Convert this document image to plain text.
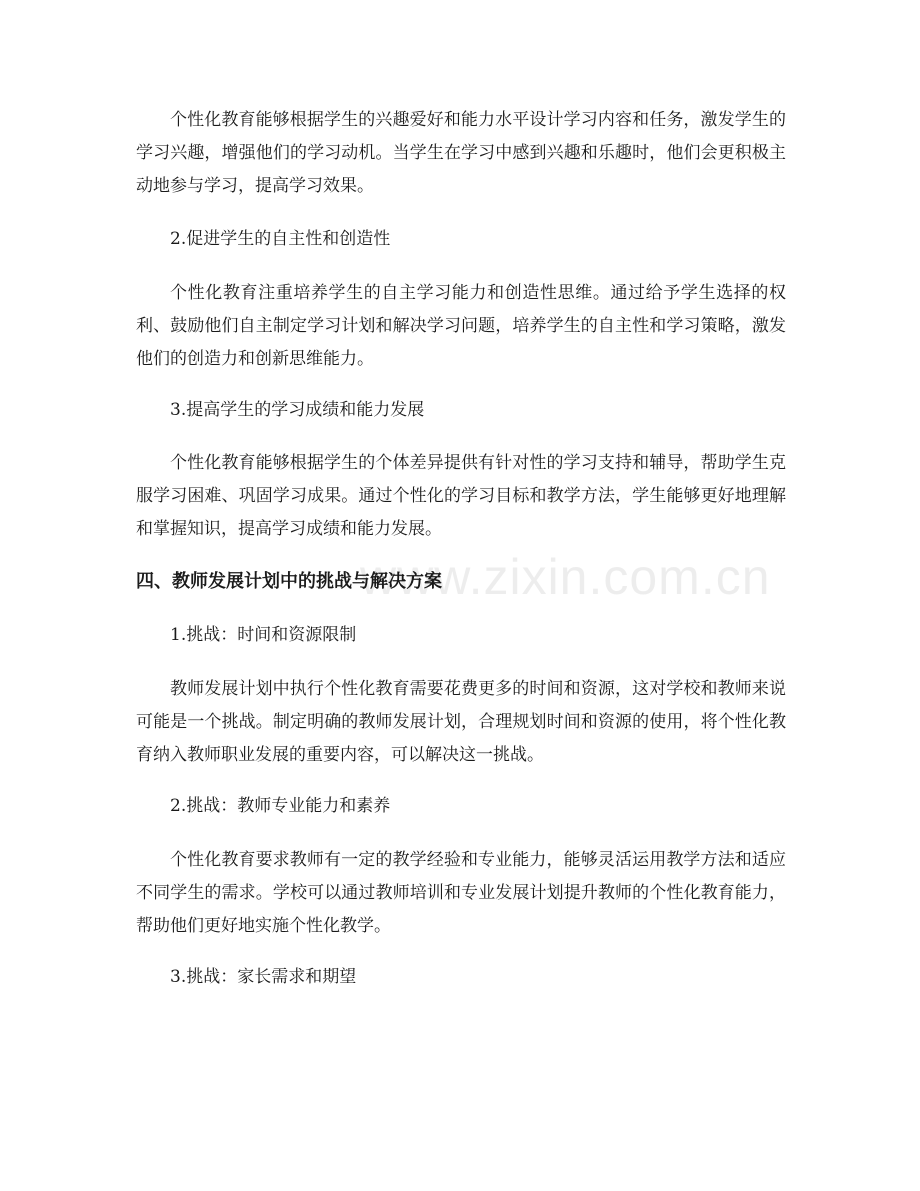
www.zixin.com.cn

个性化教育能够根据学生的兴趣爱好和能力水平设计学习内容和任务，激发学生的学习兴趣，增强他们的学习动机。当学生在学习中感到兴趣和乐趣时，他们会更积极主动地参与学习，提高学习效果。

2.促进学生的自主性和创造性

个性化教育注重培养学生的自主学习能力和创造性思维。通过给予学生选择的权利、鼓励他们自主制定学习计划和解决学习问题，培养学生的自主性和学习策略，激发他们的创造力和创新思维能力。

3.提高学生的学习成绩和能力发展

个性化教育能够根据学生的个体差异提供有针对性的学习支持和辅导，帮助学生克服学习困难、巩固学习成果。通过个性化的学习目标和教学方法，学生能够更好地理解和掌握知识，提高学习成绩和能力发展。

四、教师发展计划中的挑战与解决方案

1.挑战：时间和资源限制

教师发展计划中执行个性化教育需要花费更多的时间和资源，这对学校和教师来说可能是一个挑战。制定明确的教师发展计划，合理规划时间和资源的使用，将个性化教育纳入教师职业发展的重要内容，可以解决这一挑战。

2.挑战：教师专业能力和素养

个性化教育要求教师有一定的教学经验和专业能力，能够灵活运用教学方法和适应不同学生的需求。学校可以通过教师培训和专业发展计划提升教师的个性化教育能力，帮助他们更好地实施个性化教学。

3.挑战：家长需求和期望
